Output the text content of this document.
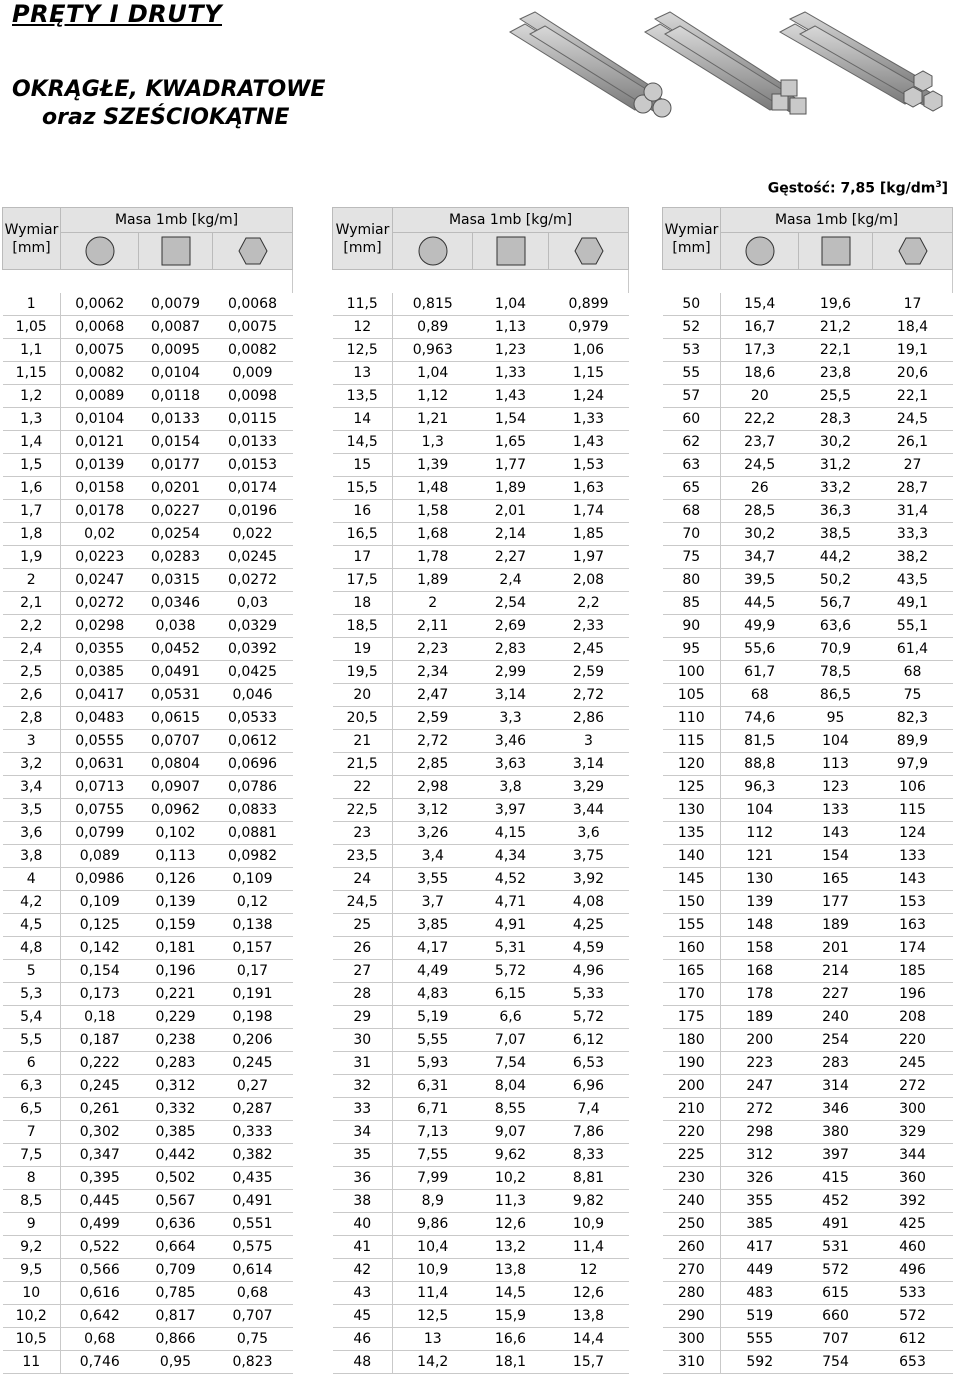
PRĘTY I DRUTY
OKRĄGŁE, KWADRATOWE
oraz SZEŚCIOKĄTNE
Gęstość: 7,85 $[kg/dm^3]$
Wymiar
[mm]	Masa 1mb [kg/m]		

1	0,0062	0,0079	0,0068
1,05	0,0068	0,0087	0,0075
1,1	0,0075	0,0095	0,0082
1,15	0,0082	0,0104	0,009
1,2	0,0089	0,0118	0,0098
1,3	0,0104	0,0133	0,0115
1,4	0,0121	0,0154	0,0133
1,5	0,0139	0,0177	0,0153
1,6	0,0158	0,0201	0,0174
1,7	0,0178	0,0227	0,0196
1,8	0,02	0,0254	0,022
1,9	0,0223	0,0283	0,0245
2	0,0247	0,0315	0,0272
2,1	0,0272	0,0346	0,03
2,2	0,0298	0,038	0,0329
2,4	0,0355	0,0452	0,0392
2,5	0,0385	0,0491	0,0425
2,6	0,0417	0,0531	0,046
2,8	0,0483	0,0615	0,0533
3	0,0555	0,0707	0,0612
3,2	0,0631	0,0804	0,0696
3,4	0,0713	0,0907	0,0786
3,5	0,0755	0,0962	0,0833
3,6	0,0799	0,102	0,0881
3,8	0,089	0,113	0,0982
4	0,0986	0,126	0,109
4,2	0,109	0,139	0,12
4,5	0,125	0,159	0,138
4,8	0,142	0,181	0,157
5	0,154	0,196	0,17
5,3	0,173	0,221	0,191
5,4	0,18	0,229	0,198
5,5	0,187	0,238	0,206
6	0,222	0,283	0,245
6,3	0,245	0,312	0,27
6,5	0,261	0,332	0,287
7	0,302	0,385	0,333
7,5	0,347	0,442	0,382
8	0,395	0,502	0,435
8,5	0,445	0,567	0,491
9	0,499	0,636	0,551
9,2	0,522	0,664	0,575
9,5	0,566	0,709	0,614
10	0,616	0,785	0,68
10,2	0,642	0,817	0,707
10,5	0,68	0,866	0,75
11	0,746	0,95	0,823
Wymiar
[mm]	Masa 1mb [kg/m]		

11,5	0,815	1,04	0,899
12	0,89	1,13	0,979
12,5	0,963	1,23	1,06
13	1,04	1,33	1,15
13,5	1,12	1,43	1,24
14	1,21	1,54	1,33
14,5	1,3	1,65	1,43
15	1,39	1,77	1,53
15,5	1,48	1,89	1,63
16	1,58	2,01	1,74
16,5	1,68	2,14	1,85
17	1,78	2,27	1,97
17,5	1,89	2,4	2,08
18	2	2,54	2,2
18,5	2,11	2,69	2,33
19	2,23	2,83	2,45
19,5	2,34	2,99	2,59
20	2,47	3,14	2,72
20,5	2,59	3,3	2,86
21	2,72	3,46	3
21,5	2,85	3,63	3,14
22	2,98	3,8	3,29
22,5	3,12	3,97	3,44
23	3,26	4,15	3,6
23,5	3,4	4,34	3,75
24	3,55	4,52	3,92
24,5	3,7	4,71	4,08
25	3,85	4,91	4,25
26	4,17	5,31	4,59
27	4,49	5,72	4,96
28	4,83	6,15	5,33
29	5,19	6,6	5,72
30	5,55	7,07	6,12
31	5,93	7,54	6,53
32	6,31	8,04	6,96
33	6,71	8,55	7,4
34	7,13	9,07	7,86
35	7,55	9,62	8,33
36	7,99	10,2	8,81
38	8,9	11,3	9,82
40	9,86	12,6	10,9
41	10,4	13,2	11,4
42	10,9	13,8	12
43	11,4	14,5	12,6
45	12,5	15,9	13,8
46	13	16,6	14,4
48	14,2	18,1	15,7
Wymiar
[mm]	Masa 1mb [kg/m]		

50	15,4	19,6	17
52	16,7	21,2	18,4
53	17,3	22,1	19,1
55	18,6	23,8	20,6
57	20	25,5	22,1
60	22,2	28,3	24,5
62	23,7	30,2	26,1
63	24,5	31,2	27
65	26	33,2	28,7
68	28,5	36,3	31,4
70	30,2	38,5	33,3
75	34,7	44,2	38,2
80	39,5	50,2	43,5
85	44,5	56,7	49,1
90	49,9	63,6	55,1
95	55,6	70,9	61,4
100	61,7	78,5	68
105	68	86,5	75
110	74,6	95	82,3
115	81,5	104	89,9
120	88,8	113	97,9
125	96,3	123	106
130	104	133	115
135	112	143	124
140	121	154	133
145	130	165	143
150	139	177	153
155	148	189	163
160	158	201	174
165	168	214	185
170	178	227	196
175	189	240	208
180	200	254	220
190	223	283	245
200	247	314	272
210	272	346	300
220	298	380	329
225	312	397	344
230	326	415	360
240	355	452	392
250	385	491	425
260	417	531	460
270	449	572	496
280	483	615	533
290	519	660	572
300	555	707	612
310	592	754	653
